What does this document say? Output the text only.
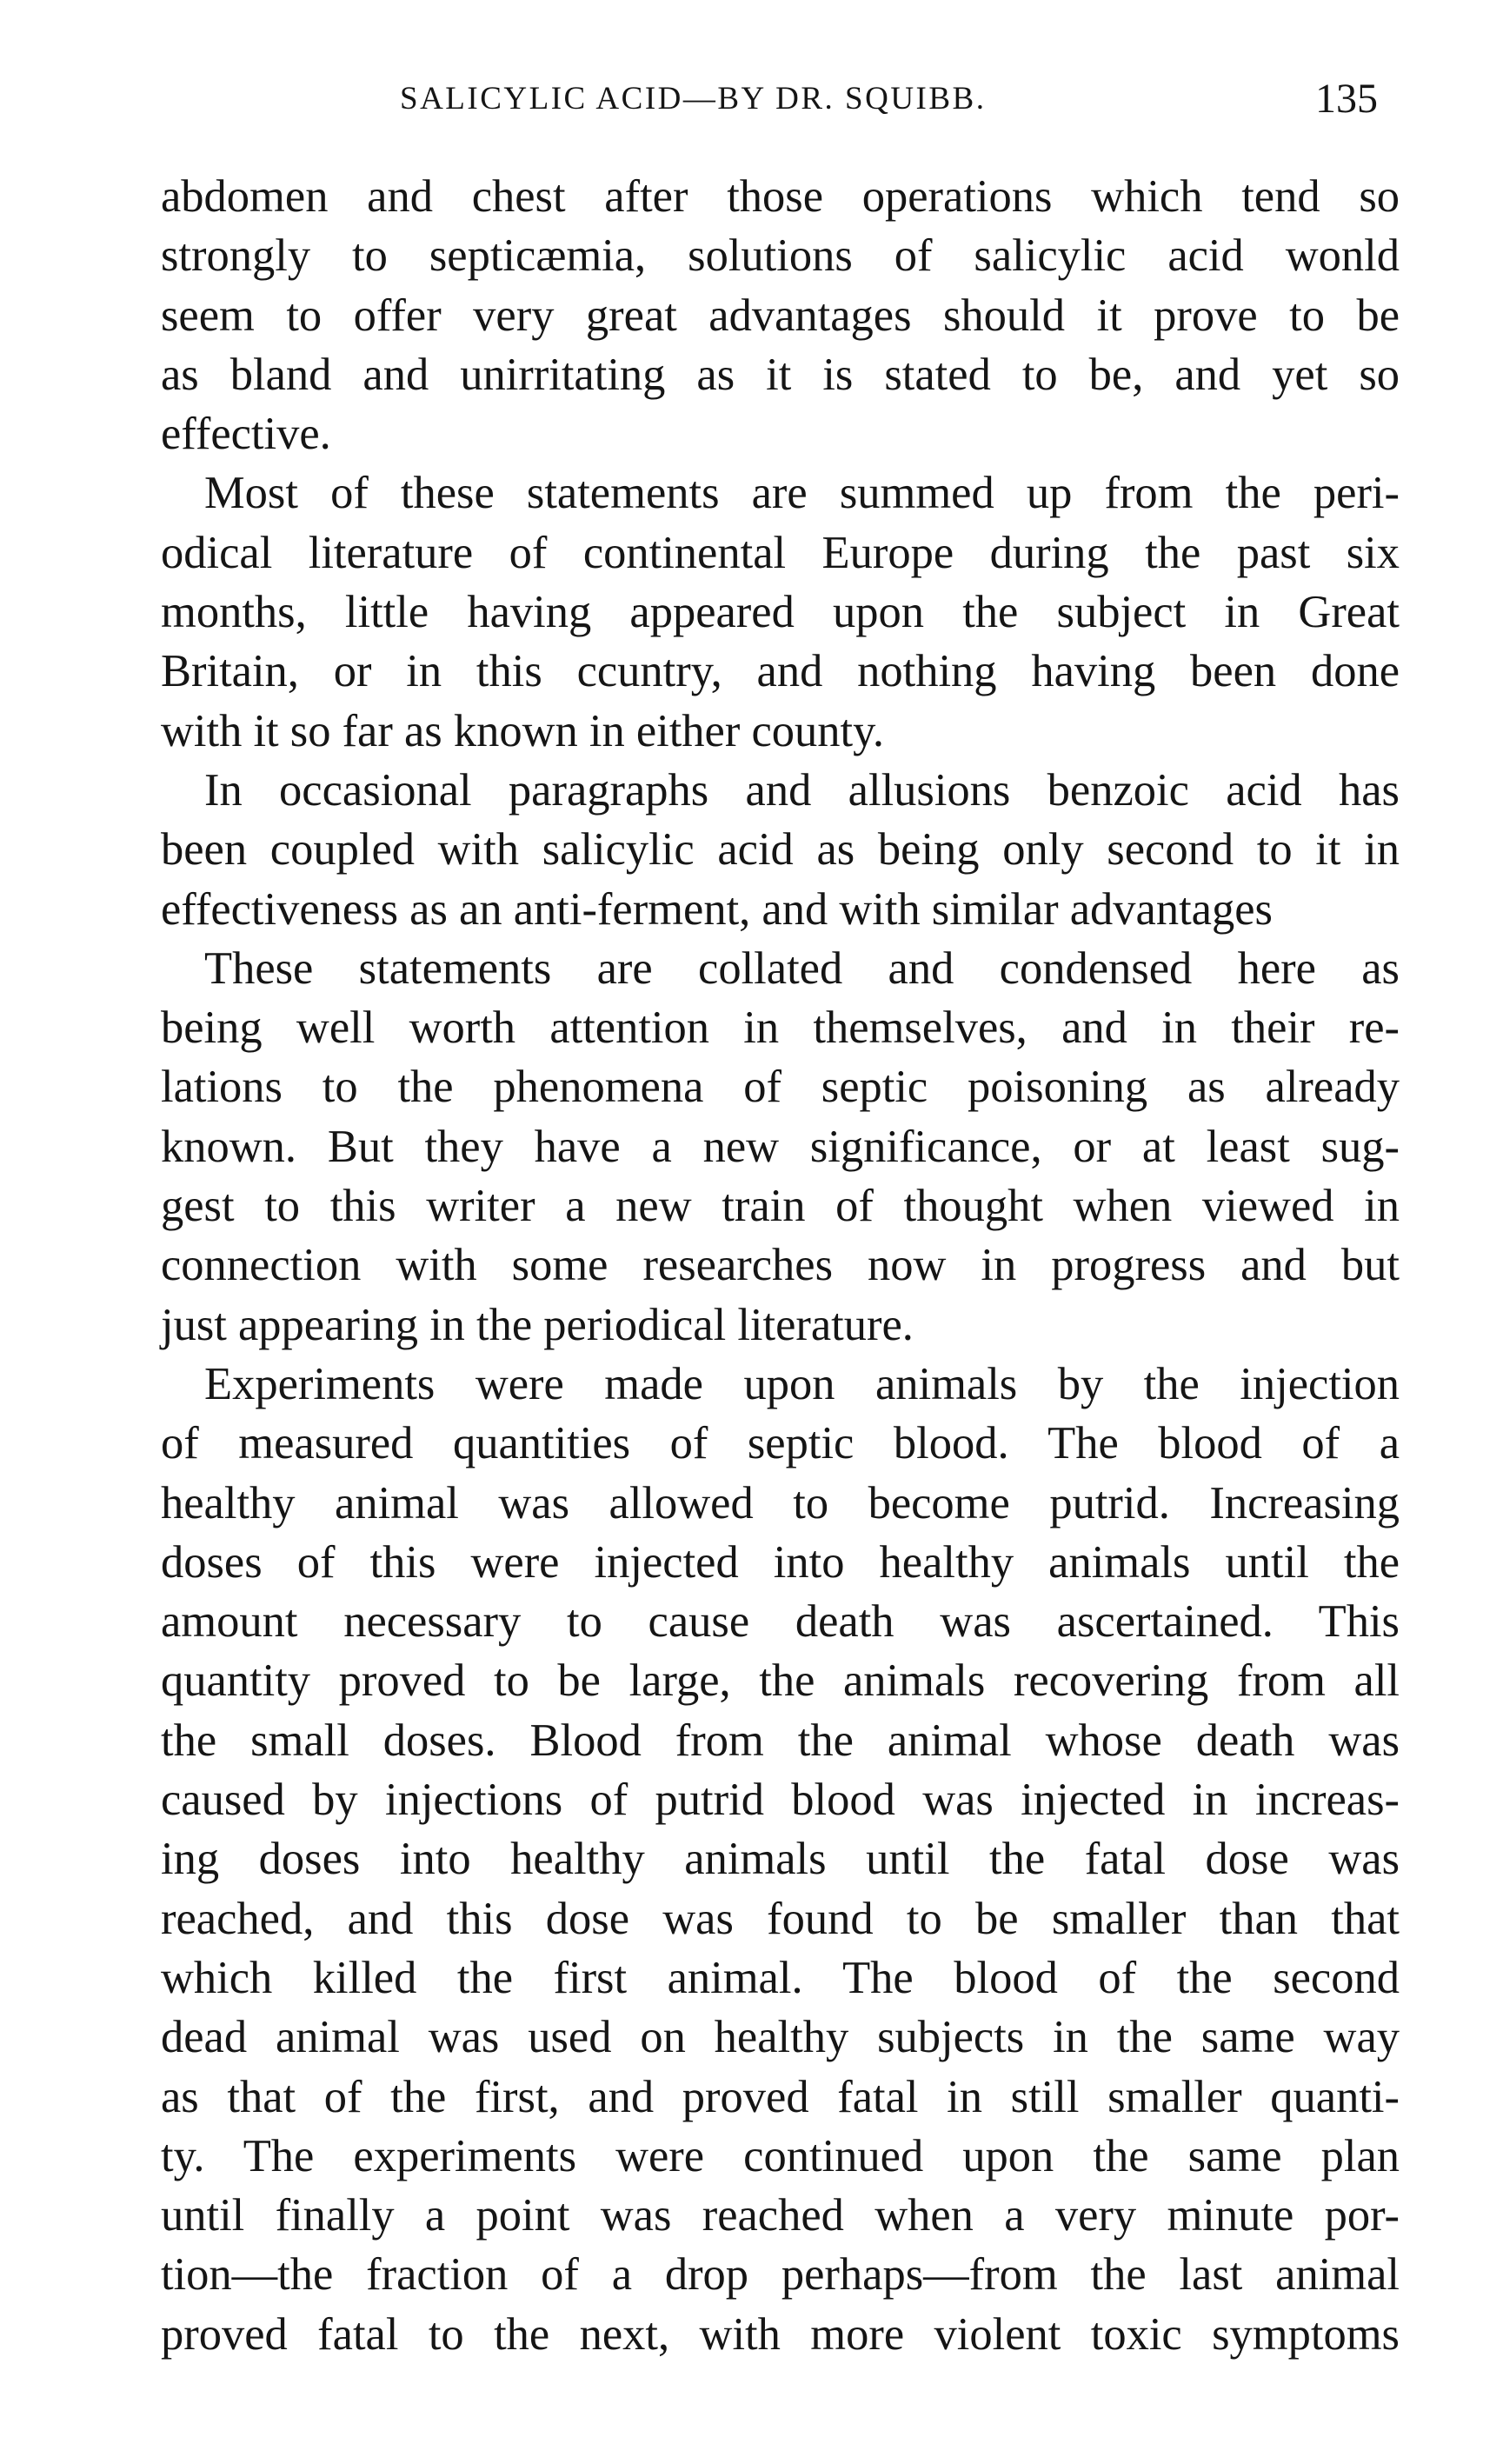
SALICYLIC ACID—BY DR. SQUIBB.	135
abdomen and chest after those operations which tend so
strongly to septicæmia, solutions of salicylic acid wonld
seem to offer very great advantages should it prove to be
as bland and unirritating as it is stated to be, and yet so
effective.
Most of these statements are summed up from the peri-
odical literature of continental Europe during the past six
months, little having appeared upon the subject in Great
Britain, or in this ccuntry, and nothing having been done
with it so far as known in either county.
In occasional paragraphs and allusions benzoic acid has
been coupled with salicylic acid as being only second to it in
effectiveness as an anti-ferment, and with similar advantages
These statements are collated and condensed here as
being well worth attention in themselves, and in their re-
lations to the phenomena of septic poisoning as already
known. But they have a new significance, or at least sug-
gest to this writer a new train of thought when viewed in
connection with some researches now in progress and but
just appearing in the periodical literature.
Experiments were made upon animals by the injection
of measured quantities of septic blood. The blood of a
healthy animal was allowed to become putrid. Increasing
doses of this were injected into healthy animals until the
amount necessary to cause death was ascertained. This
quantity proved to be large, the animals recovering from all
the small doses. Blood from the animal whose death was
caused by injections of putrid blood was injected in increas-
ing doses into healthy animals until the fatal dose was
reached, and this dose was found to be smaller than that
which killed the first animal. The blood of the second
dead animal was used on healthy subjects in the same way
as that of the first, and proved fatal in still smaller quanti-
ty. The experiments were continued upon the same plan
until finally a point was reached when a very minute por-
tion—the fraction of a drop perhaps—from the last animal
proved fatal to the next, with more violent toxic symptoms
